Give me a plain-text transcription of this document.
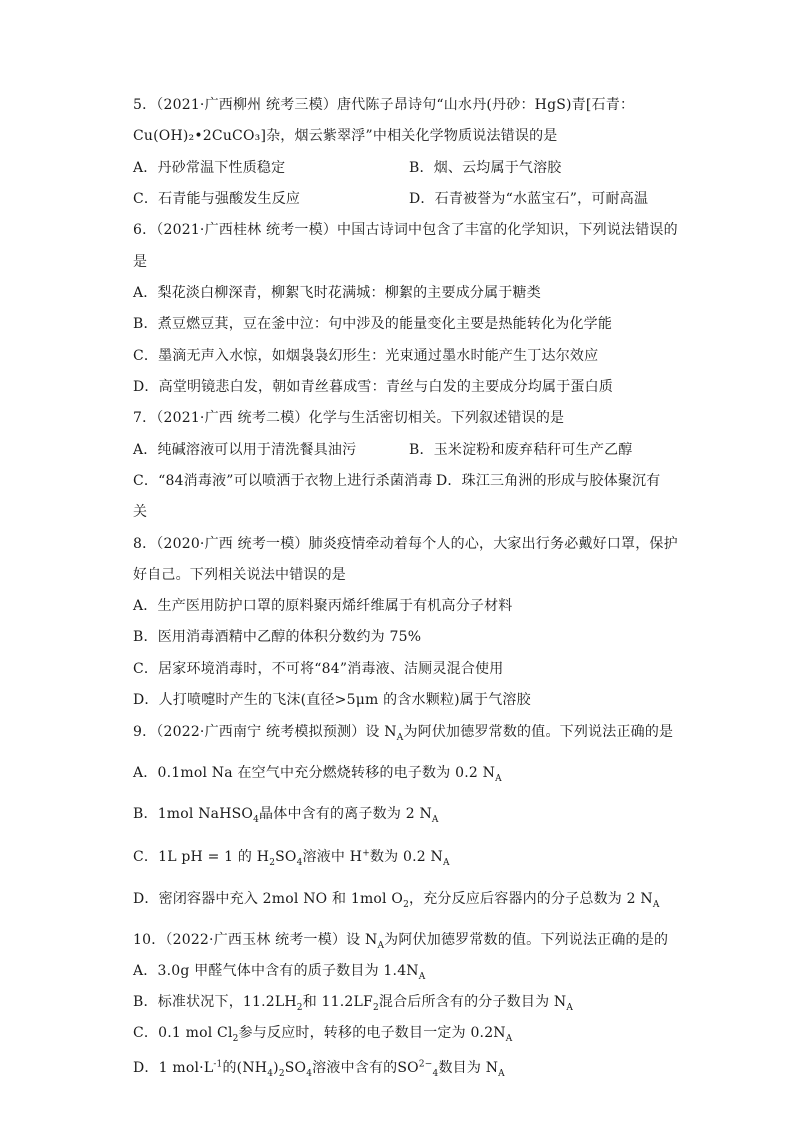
5．（2021·广西柳州 统考三模）唐代陈子昂诗句“山水丹(丹砂：HgS)青[石青：
Cu(OH)₂•2CuCO₃]杂，烟云紫翠浮”中相关化学物质说法错误的是
A．丹砂常温下性质稳定	B．烟、云均属于气溶胶
C．石青能与强酸发生反应	D．石青被誉为“水蓝宝石”，可耐高温
6．（2021·广西桂林 统考一模）中国古诗词中包含了丰富的化学知识，下列说法错误的
是
A．梨花淡白柳深青，柳絮飞时花满城：柳絮的主要成分属于糖类
B．煮豆燃豆萁，豆在釜中泣：句中涉及的能量变化主要是热能转化为化学能
C．墨滴无声入水惊，如烟袅袅幻形生：光束通过墨水时能产生丁达尔效应
D．高堂明镜悲白发，朝如青丝暮成雪：青丝与白发的主要成分均属于蛋白质
7．（2021·广西 统考二模）化学与生活密切相关。下列叙述错误的是
A．纯碱溶液可以用于清洗餐具油污	B．玉米淀粉和废弃秸秆可生产乙醇
C．“84消毒液”可以喷洒于衣物上进行杀菌消毒 D．珠江三角洲的形成与胶体聚沉有
关
8．（2020·广西 统考一模）肺炎疫情牵动着每个人的心，大家出行务必戴好口罩，保护
好自己。下列相关说法中错误的是
A．生产医用防护口罩的原料聚丙烯纤维属于有机高分子材料
B．医用消毒酒精中乙醇的体积分数约为 75%
C．居家环境消毒时，不可将“84”消毒液、洁厕灵混合使用
D．人打喷嚏时产生的飞沫(直径>5μm 的含水颗粒)属于气溶胶
9．（2022·广西南宁 统考模拟预测）设 $N_A$为阿伏加德罗常数的值。下列说法正确的是
A．0.1mol Na 在空气中充分燃烧转移的电子数为 0.2 $N_A$
B．1mol NaHSO$_4$晶体中含有的离子数为 2 $N_A$
C．1L pH = 1 的 $H_2SO_4$溶液中 H+数为 0.2 $N_A$
D．密闭容器中充入 2mol NO 和 1mol $O_2$，充分反应后容器内的分子总数为 2 $N_A$
10．（2022·广西玉林 统考一模）设 $N_A$为阿伏加德罗常数的值。下列说法正确的是的
A．3.0g 甲醛气体中含有的质子数目为 $1.4N_A$
B．标准状况下，$11.2LH_2$和 $11.2LF_2$混合后所含有的分子数目为 $N_A$
C．0.1 mol $Cl_2$参与反应时，转移的电子数目一定为 $0.2N_A$
D．1 $mol\cdot L^{-1}$的$(NH_4)_2SO_4$溶液中含有的$SO^{2-}_4$数目为 $N_A$
